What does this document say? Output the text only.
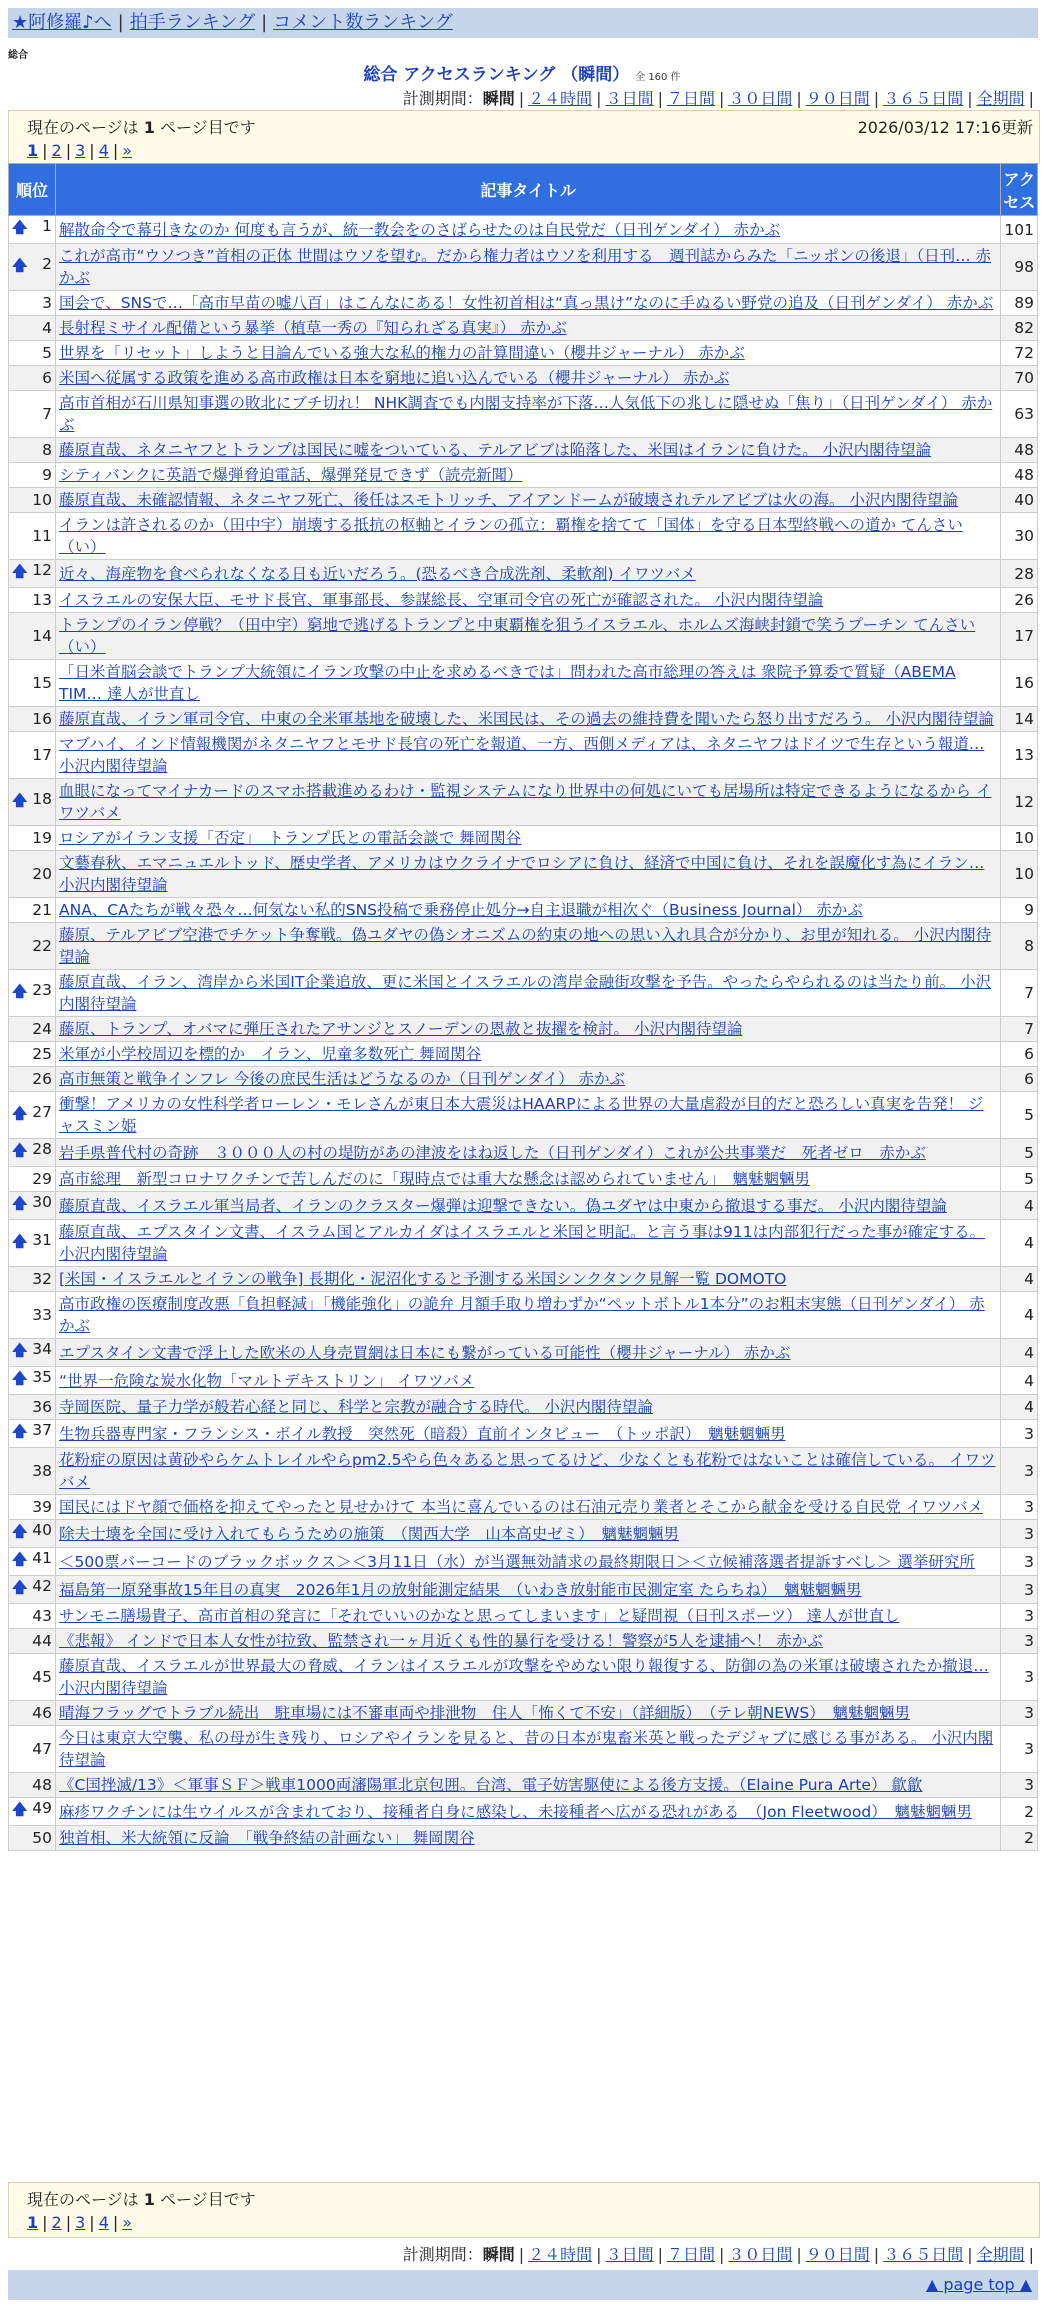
★阿修羅♪へ | 拍手ランキング | コメント数ランキング
総合
総合 アクセスランキング （瞬間） 全 160 件
計測期間：瞬間 | ２４時間 | ３日間 | ７日間 | ３０日間 | ９０日間 | ３６５日間 | 全期間 |
現在のページは 1 ページ目です	2026/03/12 17:16更新
1 | 2 | 3 | 4 | »
順位	記事タイトル	アクセス

🡅 1	解散命令で幕引きなのか 何度も言うが、統一教会をのさばらせたのは自民党だ（日刊ゲンダイ） 赤かぶ	101

🡅 2	これが高市“ウソつき”首相の正体 世間はウソを望む。だから権力者はウソを利用する　週刊誌からみた「ニッポンの後退」（日刊… 赤かぶ	98
3	国会で、SNSで…「高市早苗の嘘八百」はこんなにある！女性初首相は“真っ黒け”なのに手ぬるい野党の追及（日刊ゲンダイ） 赤かぶ	89
4	長射程ミサイル配備という暴挙（植草一秀の『知られざる真実』） 赤かぶ	82
5	世界を「リセット」しようと目論んでいる強大な私的権力の計算間違い（櫻井ジャーナル） 赤かぶ	72
6	米国へ従属する政策を進める高市政権は日本を窮地に追い込んでいる（櫻井ジャーナル） 赤かぶ	70
7	高市首相が石川県知事選の敗北にブチ切れ！ NHK調査でも内閣支持率が下落…人気低下の兆しに隠せぬ「焦り」（日刊ゲンダイ） 赤かぶ	63
8	藤原直哉、ネタニヤフとトランプは国民に嘘をついている、テルアビブは陥落した、米国はイランに負けた。 小沢内閣待望論	48
9	シティバンクに英語で爆弾脅迫電話、爆弾発見できず（読売新聞）	48
10	藤原直哉、未確認情報、ネタニヤフ死亡、後任はスモトリッチ、アイアンドームが破壊されテルアビブは火の海。 小沢内閣待望論	40
11	イランは許されるのか（田中宇）崩壊する抵抗の枢軸とイランの孤立：覇権を捨てて「国体」を守る日本型終戦への道か てんさい（い）	30

🡅 12	近々、海産物を食べられなくなる日も近いだろう。(恐るべき合成洗剤、柔軟剤) イワツバメ	28
13	イスラエルの安保大臣、モサド長官、軍事部長、参謀総長、空軍司令官の死亡が確認された。 小沢内閣待望論	26
14	トランプのイラン停戦？（田中宇）窮地で逃げるトランプと中東覇権を狙うイスラエル、ホルムズ海峡封鎖で笑うプーチン てんさい（い）	17
15	「日米首脳会談でトランプ大統領にイラン攻撃の中止を求めるべきでは」問われた高市総理の答えは 衆院予算委で質疑（ABEMA TIM… 達人が世直し	16
16	藤原直哉、イラン軍司令官、中東の全米軍基地を破壊した、米国民は、その過去の維持費を聞いたら怒り出すだろう。 小沢内閣待望論	14
17	マブハイ、インド情報機関がネタニヤフとモサド長官の死亡を報道、一方、西側メディアは、ネタニヤフはドイツで生存という報道… 小沢内閣待望論	13

🡅 18	血眼になってマイナカードのスマホ搭載進めるわけ・監視システムになり世界中の何処にいても居場所は特定できるようになるから イワツバメ	12
19	ロシアがイラン支援「否定」　トランプ氏との電話会談で 舞岡関谷	10
20	文藝春秋、エマニュエルトッド、歴史学者、アメリカはウクライナでロシアに負け、経済で中国に負け、それを誤魔化す為にイラン… 小沢内閣待望論	10
21	ANA、CAたちが戦々恐々…何気ない私的SNS投稿で乗務停止処分→自主退職が相次ぐ（Business Journal） 赤かぶ	9
22	藤原、テルアビブ空港でチケット争奪戦。偽ユダヤの偽シオニズムの約束の地への思い入れ具合が分かり、お里が知れる。 小沢内閣待望論	8

🡅 23	藤原直哉、イラン、湾岸から米国IT企業追放、更に米国とイスラエルの湾岸金融街攻撃を予告。やったらやられるのは当たり前。 小沢内閣待望論	7
24	藤原、トランプ、オバマに弾圧されたアサンジとスノーデンの恩赦と抜擢を検討。 小沢内閣待望論	7
25	米軍が小学校周辺を標的か　イラン、児童多数死亡 舞岡関谷	6
26	高市無策と戦争インフレ 今後の庶民生活はどうなるのか（日刊ゲンダイ） 赤かぶ	6

🡅 27	衝撃！アメリカの女性科学者ローレン・モレさんが東日本大震災はHAARPによる世界の大量虐殺が目的だと恐ろしい真実を告発！ ジャスミン姫	5

🡅 28	岩手県普代村の奇跡　３０００人の村の堤防があの津波をはね返した（日刊ゲンダイ）これが公共事業だ　死者ゼロ　赤かぶ	5
29	高市総理　新型コロナワクチンで苦しんだのに「現時点では重大な懸念は認められていません」　魑魅魍魎男	5

🡅 30	藤原直哉、イスラエル軍当局者、イランのクラスター爆弾は迎撃できない。偽ユダヤは中東から撤退する事だ。 小沢内閣待望論	4

🡅 31	藤原直哉、エプスタイン文書、イスラム国とアルカイダはイスラエルと米国と明記。と言う事は911は内部犯行だった事が確定する。 小沢内閣待望論	4
32	[米国・イスラエルとイランの戦争] 長期化・泥沼化すると予測する米国シンクタンク見解一覧 DOMOTO	4
33	高市政権の医療制度改悪「負担軽減」「機能強化」の詭弁 月額手取り増わずか“ペットボトル1本分”のお粗末実態（日刊ゲンダイ） 赤かぶ	4

🡅 34	エプスタイン文書で浮上した欧米の人身売買網は日本にも繋がっている可能性（櫻井ジャーナル） 赤かぶ	4

🡅 35	“世界一危険な炭水化物「マルトデキストリン」 イワツバメ	4
36	寺岡医院、量子力学が般若心経と同じ、科学と宗教が融合する時代。 小沢内閣待望論	4

🡅 37	生物兵器専門家・フランシス・ボイル教授　突然死（暗殺）直前インタビュー　（トッポ訳）　魑魅魍魎男	3
38	花粉症の原因は黄砂やらケムトレイルやらpm2.5やら色々あると思ってるけど、少なくとも花粉ではないことは確信している。 イワツバメ	3
39	国民にはドヤ顔で価格を抑えてやったと見せかけて 本当に喜んでいるのは石油元売り業者とそこから献金を受ける自民党 イワツバメ	3

🡅 40	除夫士壊を全国に受け入れてもらうための施策　（関西大学　山本高史ゼミ）　魑魅魍魎男	3

🡅 41	＜500票バーコードのブラックボックス＞＜3月11日（水）が当選無効請求の最終期限日＞＜立候補落選者提訴すべし＞ 選挙研究所	3

🡅 42	福島第一原発事故15年目の真実　2026年1月の放射能測定結果　（いわき放射能市民測定室 たらちね）　魑魅魍魎男	3
43	サンモニ膳場貴子、高市首相の発言に「それでいいのかなと思ってしまいます」と疑問視（日刊スポーツ） 達人が世直し	3
44	《悲報》 インドで日本人女性が拉致、監禁され一ヶ月近くも性的暴行を受ける！警察が5人を逮捕へ！ 赤かぶ	3
45	藤原直哉、イスラエルが世界最大の脅威、イランはイスラエルが攻撃をやめない限り報復する、防御の為の米軍は破壊されたか撤退… 小沢内閣待望論	3
46	晴海フラッグでトラブル続出　駐車場には不審車両や排泄物　住人「怖くて不安」（詳細版）　（テレ朝NEWS）　魑魅魍魎男	3
47	今日は東京大空襲、私の母が生き残り、ロシアやイランを見ると、昔の日本が鬼畜米英と戦ったデジャブに感じる事がある。 小沢内閣待望論	3
48	《C国挫滅/13》＜軍事ＳＦ＞戦車1000両瀋陽軍北京包囲。台湾、電子妨害駆使による後方支援。（Elaine Pura Arte） 歙歙	3

🡅 49	麻疹ワクチンには生ウイルスが含まれており、接種者自身に感染し、未接種者へ広がる恐れがある　（Jon Fleetwood）　魑魅魍魎男	2
50	独首相、米大統領に反論　「戦争終結の計画ない」 舞岡関谷	2
現在のページは 1 ページ目です
1 | 2 | 3 | 4 | »
計測期間：瞬間 | ２４時間 | ３日間 | ７日間 | ３０日間 | ９０日間 | ３６５日間 | 全期間 |
▲ page top ▲
